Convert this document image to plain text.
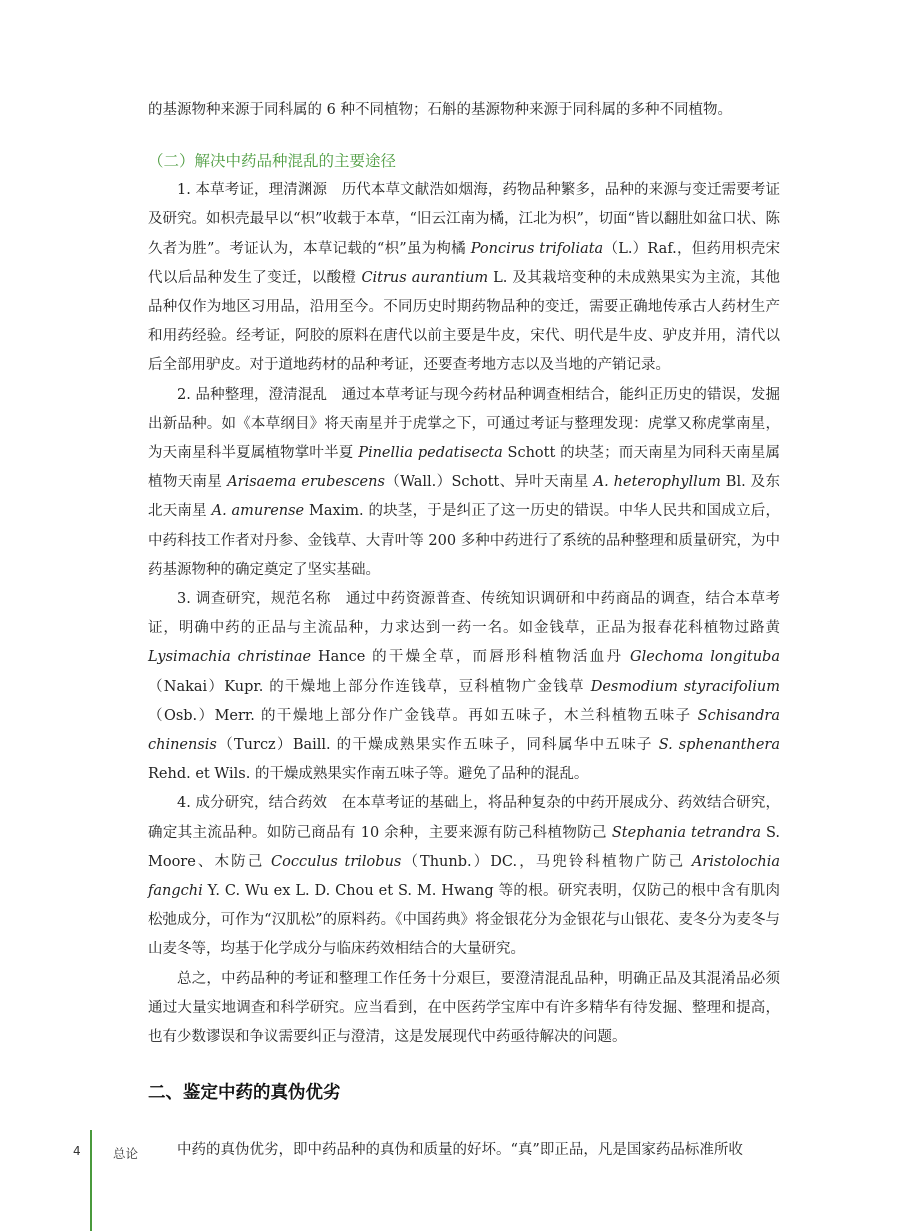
的基源物种来源于同科属的 6 种不同植物；石斛的基源物种来源于同科属的多种不同植物。

（二）解决中药品种混乱的主要途径

1. 本草考证，理清渊源　历代本草文献浩如烟海，药物品种繁多，品种的来源与变迁需要考证及研究。如枳壳最早以“枳”收载于本草，“旧云江南为橘，江北为枳”，切面“皆以翻肚如盆口状、陈久者为胜”。考证认为，本草记载的“枳”虽为枸橘 Poncirus trifoliata（L.）Raf.，但药用枳壳宋代以后品种发生了变迁，以酸橙 Citrus aurantium L. 及其栽培变种的未成熟果实为主流，其他品种仅作为地区习用品，沿用至今。不同历史时期药物品种的变迁，需要正确地传承古人药材生产和用药经验。经考证，阿胶的原料在唐代以前主要是牛皮，宋代、明代是牛皮、驴皮并用，清代以后全部用驴皮。对于道地药材的品种考证，还要查考地方志以及当地的产销记录。

2. 品种整理，澄清混乱　通过本草考证与现今药材品种调查相结合，能纠正历史的错误，发掘出新品种。如《本草纲目》将天南星并于虎掌之下，可通过考证与整理发现：虎掌又称虎掌南星，为天南星科半夏属植物掌叶半夏 Pinellia pedatisecta Schott 的块茎；而天南星为同科天南星属植物天南星 Arisaema erubescens（Wall.）Schott、异叶天南星 A. heterophyllum Bl. 及东北天南星 A. amurense Maxim. 的块茎，于是纠正了这一历史的错误。中华人民共和国成立后，中药科技工作者对丹参、金钱草、大青叶等 200 多种中药进行了系统的品种整理和质量研究，为中药基源物种的确定奠定了坚实基础。

3. 调查研究，规范名称　通过中药资源普查、传统知识调研和中药商品的调查，结合本草考证，明确中药的正品与主流品种，力求达到一药一名。如金钱草，正品为报春花科植物过路黄 Lysimachia christinae Hance 的干燥全草，而唇形科植物活血丹 Glechoma longituba（Nakai）Kupr. 的干燥地上部分作连钱草，豆科植物广金钱草 Desmodium styracifolium（Osb.）Merr. 的干燥地上部分作广金钱草。再如五味子，木兰科植物五味子 Schisandra chinensis（Turcz）Baill. 的干燥成熟果实作五味子，同科属华中五味子 S. sphenanthera Rehd. et Wils. 的干燥成熟果实作南五味子等。避免了品种的混乱。

4. 成分研究，结合药效　在本草考证的基础上，将品种复杂的中药开展成分、药效结合研究，确定其主流品种。如防己商品有 10 余种，主要来源有防己科植物防己 Stephania tetrandra S. Moore、木防己 Cocculus trilobus（Thunb.）DC.，马兜铃科植物广防己 Aristolochia fangchi Y. C. Wu ex L. D. Chou et S. M. Hwang 等的根。研究表明，仅防己的根中含有肌肉松弛成分，可作为“汉肌松”的原料药。《中国药典》将金银花分为金银花与山银花、麦冬分为麦冬与山麦冬等，均基于化学成分与临床药效相结合的大量研究。

总之，中药品种的考证和整理工作任务十分艰巨，要澄清混乱品种，明确正品及其混淆品必须通过大量实地调查和科学研究。应当看到，在中医药学宝库中有许多精华有待发掘、整理和提高，也有少数谬误和争议需要纠正与澄清，这是发展现代中药亟待解决的问题。

二、鉴定中药的真伪优劣

中药的真伪优劣，即中药品种的真伪和质量的好坏。“真”即正品，凡是国家药品标准所收

4	总论
